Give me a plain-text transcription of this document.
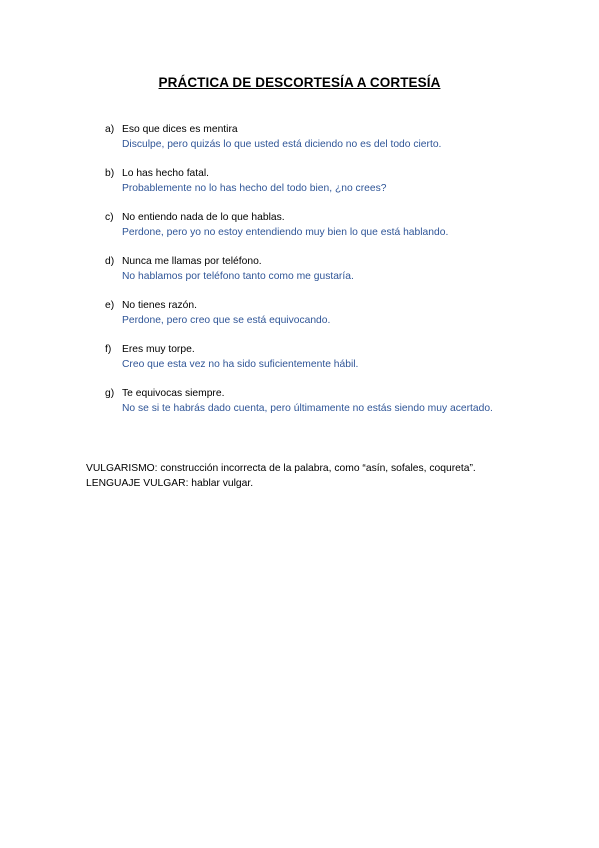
PRÁCTICA DE DESCORTESÍA A CORTESÍA
a) Eso que dices es mentira
Disculpe, pero quizás lo que usted está diciendo no es del todo cierto.
b) Lo has hecho fatal.
Probablemente no lo has hecho del todo bien, ¿no crees?
c) No entiendo nada de lo que hablas.
Perdone, pero yo no estoy entendiendo muy bien lo que está hablando.
d) Nunca me llamas por teléfono.
No hablamos por teléfono tanto como me gustaría.
e) No tienes razón.
Perdone, pero creo que se está equivocando.
f) Eres muy torpe.
Creo que esta vez no ha sido suficientemente hábil.
g) Te equivocas siempre.
No se si te habrás dado cuenta, pero últimamente no estás siendo muy acertado.
VULGARISMO: construcción incorrecta de la palabra, como “asín, sofales, coqureta”.
LENGUAJE VULGAR: hablar vulgar.
